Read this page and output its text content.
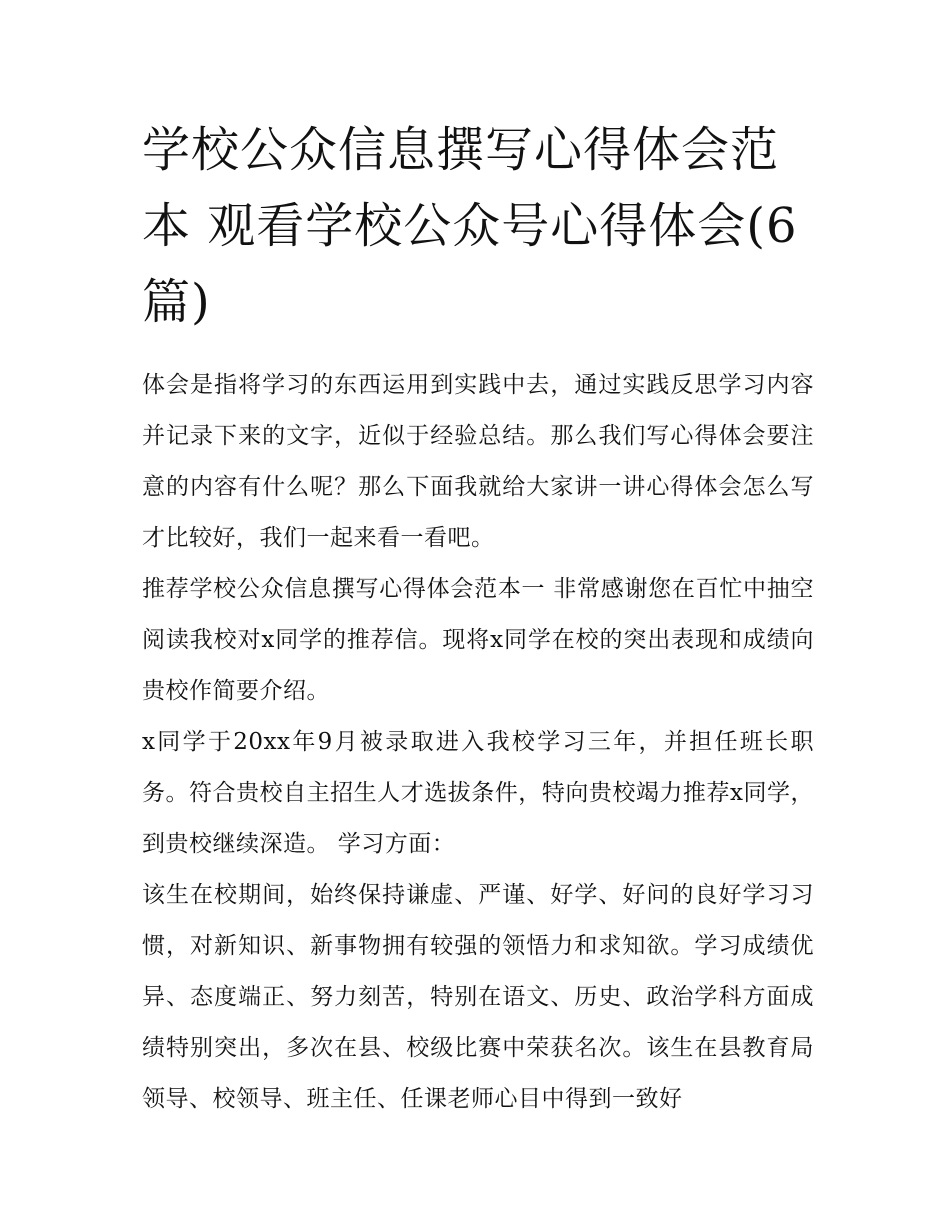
学校公众信息撰写心得体会范本 观看学校公众号心得体会(6篇)

体会是指将学习的东西运用到实践中去，通过实践反思学习内容并记录下来的文字，近似于经验总结。那么我们写心得体会要注意的内容有什么呢？那么下面我就给大家讲一讲心得体会怎么写才比较好，我们一起来看一看吧。

推荐学校公众信息撰写心得体会范本一 非常感谢您在百忙中抽空阅读我校对x同学的推荐信。现将x同学在校的突出表现和成绩向贵校作简要介绍。

x同学于20xx年9月被录取进入我校学习三年，并担任班长职务。符合贵校自主招生人才选拔条件，特向贵校竭力推荐x同学，到贵校继续深造。 学习方面：

该生在校期间，始终保持谦虚、严谨、好学、好问的良好学习习惯，对新知识、新事物拥有较强的领悟力和求知欲。学习成绩优异、态度端正、努力刻苦，特别在语文、历史、政治学科方面成绩特别突出，多次在县、校级比赛中荣获名次。该生在县教育局领导、校领导、班主任、任课老师心目中得到一致好
